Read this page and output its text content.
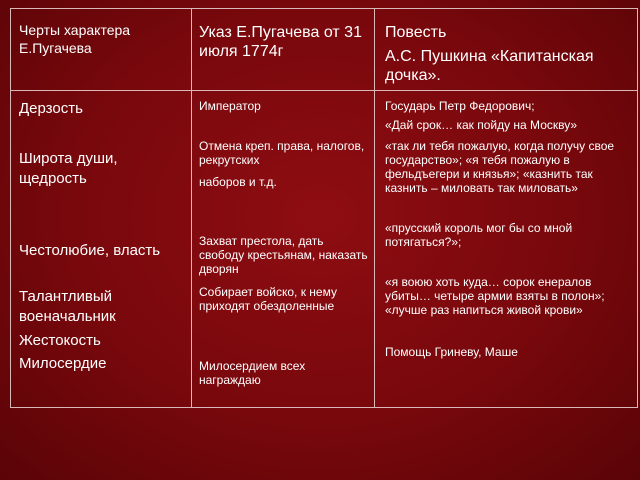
Черты характера Е.Пугачева
Указ Е.Пугачева от 31 июля 1774г

Повесть

А.С. Пушкина «Капитанская дочка».

Дерзость
Широта души, щедрость
Честолюбие, власть
Талантливый военачальник
Жестокость
Милосердие
Император
Отмена креп. права, налогов, рекрутских
наборов и т.д.
Захват престола, дать свободу крестьянам, наказать дворян
Собирает войско, к нему приходят обездоленные
Милосердием всех награждаю
Государь Петр Федорович;
«Дай срок… как пойду на Москву»
«так ли тебя пожалую, когда получу свое государство»; «я тебя пожалую в фельдъегери и князья»; «казнить так казнить – миловать так миловать»
«прусский король мог бы со мной потягаться?»;
«я воюю хоть куда… сорок енералов убиты… четыре армии взяты в полон»; «лучше раз напиться живой крови»
Помощь Гриневу, Маше
